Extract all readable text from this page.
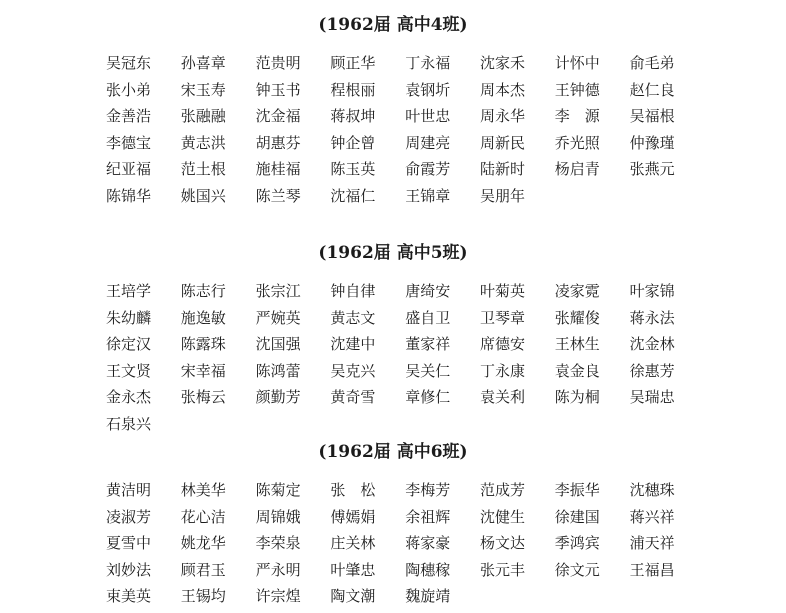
(1962届 高中4班)
吴冠东 孙喜章 范贵明 顾正华 丁永福 沈家禾 计怀中 俞毛弟
张小弟 宋玉寿 钟玉书 程根丽 袁钢圻 周本杰 王钟德 赵仁良
金善浩 张融融 沈金福 蒋叔坤 叶世忠 周永华 李　源 吴福根
李德宝 黄志洪 胡惠芬 钟企曾 周建亮 周新民 乔光照 仲豫瑾
纪亚福 范土根 施桂福 陈玉英 俞霞芳 陆新时 杨启青 张燕元
陈锦华 姚国兴 陈兰琴 沈福仁 王锦章 吴朋年
(1962届 高中5班)
王培学 陈志行 张宗江 钟自律 唐绮安 叶菊英 凌家霓 叶家锦
朱幼麟 施逸敏 严婉英 黄志文 盛自卫 卫琴章 张耀俊 蒋永法
徐定汉 陈露珠 沈国强 沈建中 董家祥 席德安 王林生 沈金林
王文贤 宋幸福 陈鸿蕾 吴克兴 吴关仁 丁永康 袁金良 徐惠芳
金永杰 张梅云 颜勤芳 黄奇雪 章修仁 袁关利 陈为桐 吴瑞忠
石泉兴
(1962届 高中6班)
黄洁明 林美华 陈菊定 张　松 李梅芳 范成芳 李振华 沈穗珠
凌淑芳 花心洁 周锦娥 傅嫣娟 余祖辉 沈健生 徐建国 蒋兴祥
夏雪中 姚龙华 李荣泉 庄关林 蒋家豪 杨文达 季鸿宾 浦天祥
刘妙法 顾君玉 严永明 叶肇忠 陶穗稼 张元丰 徐文元 王福昌
束美英 王锡均 许宗煌 陶文潮 魏旋靖
